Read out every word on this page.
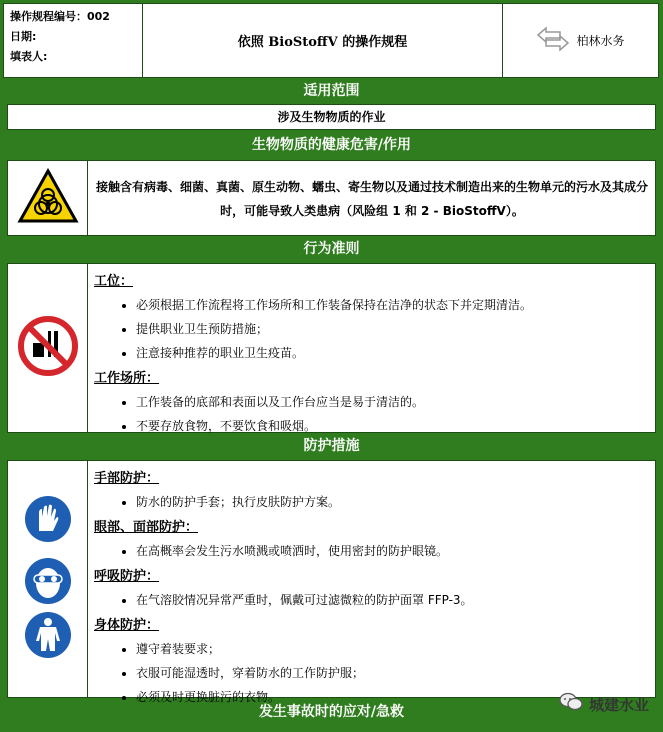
操作规程编号：002
日期:
填表人:
依照 BioStoffV 的操作规程	柏林水务
适用范围
涉及生物物质的作业
生物物质的健康危害/作用
接触含有病毒、细菌、真菌、原生动物、蠕虫、寄生物以及通过技术制造出来的生物单元的污水及其成分时，可能导致人类患病（风险组 1 和 2 - BioStoffV）。
行为准则
工位：
• 必须根据工作流程将工作场所和工作装备保持在洁净的状态下并定期清洁。
• 提供职业卫生预防措施；
• 注意接种推荐的职业卫生疫苗。
工作场所：
• 工作装备的底部和表面以及工作台应当是易于清洁的。
• 不要存放食物，不要饮食和吸烟。
防护措施
手部防护：
• 防水的防护手套；执行皮肤防护方案。
眼部、面部防护：
• 在高概率会发生污水喷溅或喷洒时，使用密封的防护眼镜。
呼吸防护：
• 在气溶胶情况异常严重时，佩戴可过滤微粒的防护面罩 FFP-3。
身体防护：
• 遵守着装要求；
• 衣服可能湿透时，穿着防水的工作防护服；
• 必须及时更换脏污的衣物。
发生事故时的应对/急救	城建水业
